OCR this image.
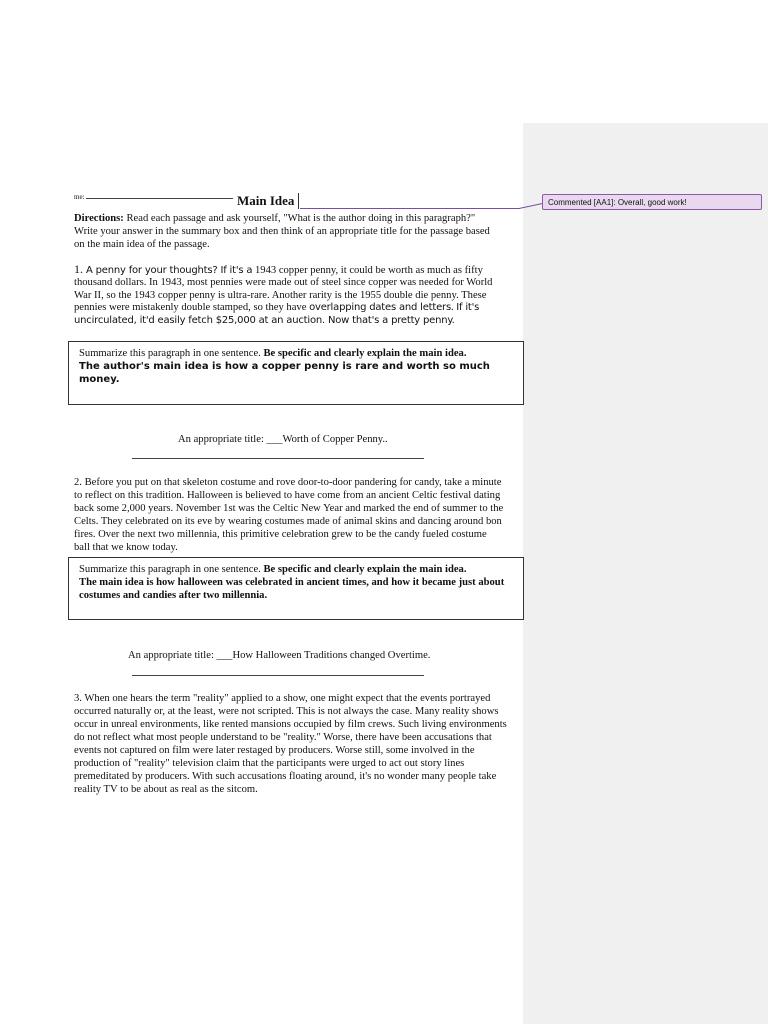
me:	Main Idea	Commented [AA1]: Overall, good work!
Directions: Read each passage and ask yourself, "What is the author doing in this paragraph?" Write your answer in the summary box and then think of an appropriate title for the passage based on the main idea of the passage.
1. A penny for your thoughts? If it's a 1943 copper penny, it could be worth as much as fifty thousand dollars. In 1943, most pennies were made out of steel since copper was needed for World War II, so the 1943 copper penny is ultra-rare. Another rarity is the 1955 double die penny. These pennies were mistakenly double stamped, so they have overlapping dates and letters. If it's uncirculated, it'd easily fetch $25,000 at an auction. Now that's a pretty penny.
Summarize this paragraph in one sentence. Be specific and clearly explain the main idea.
The author's main idea is how a copper penny is rare and worth so much money.
An appropriate title: ___Worth of Copper Penny..
2. Before you put on that skeleton costume and rove door-to-door pandering for candy, take a minute to reflect on this tradition. Halloween is believed to have come from an ancient Celtic festival dating back some 2,000 years. November 1st was the Celtic New Year and marked the end of summer to the Celts. They celebrated on its eve by wearing costumes made of animal skins and dancing around bon fires. Over the next two millennia, this primitive celebration grew to be the candy fueled costume ball that we know today.
Summarize this paragraph in one sentence. Be specific and clearly explain the main idea.
The main idea is how halloween was celebrated in ancient times, and how it became just about costumes and candies after two millennia.
An appropriate title: ___How Halloween Traditions changed Overtime.
3. When one hears the term "reality" applied to a show, one might expect that the events portrayed occurred naturally or, at the least, were not scripted. This is not always the case. Many reality shows occur in unreal environments, like rented mansions occupied by film crews. Such living environments do not reflect what most people understand to be "reality." Worse, there have been accusations that events not captured on film were later restaged by producers. Worse still, some involved in the production of "reality" television claim that the participants were urged to act out story lines premeditated by producers. With such accusations floating around, it's no wonder many people take reality TV to be about as real as the sitcom.
